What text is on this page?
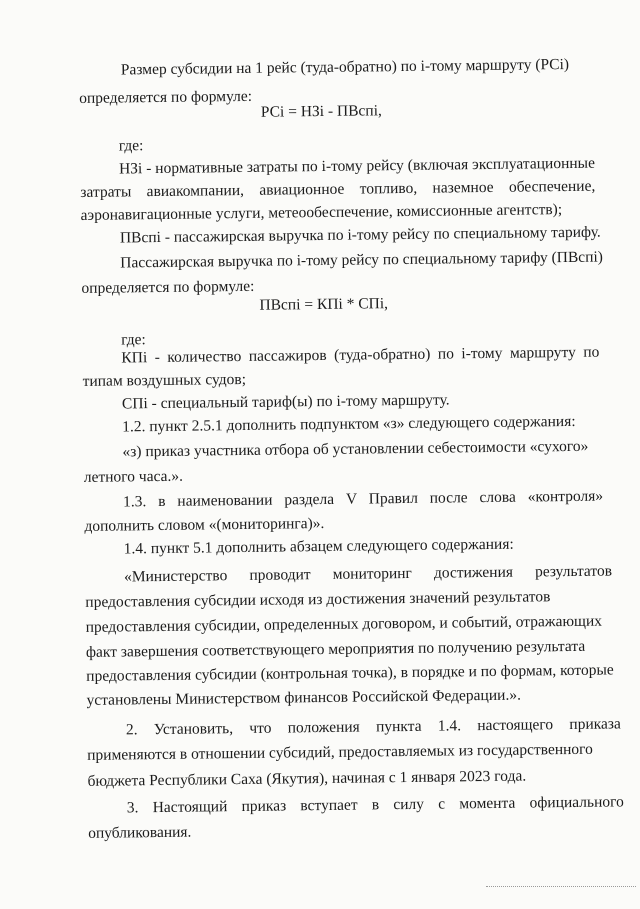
Размер субсидии на 1 рейс (туда-обратно) по і-тому маршруту (РСі)

определяется по формуле:

РСі = НЗі - ПВспі,

где:

НЗі - нормативные затраты по і-тому рейсу (включая эксплуатационные

затраты авиакомпании, авиационное топливо, наземное обеспечение,

аэронавигационные услуги, метеообеспечение, комиссионные агентств);

ПВспі - пассажирская выручка по і-тому рейсу по специальному тарифу.

Пассажирская выручка по і-тому рейсу по специальному тарифу (ПВспі)

определяется по формуле:

ПВспі = КПі * СПі,

где:

КПі - количество пассажиров (туда-обратно) по і-тому маршруту по

типам воздушных судов;

СПі - специальный тариф(ы) по і-тому маршруту.

1.2. пункт 2.5.1 дополнить подпунктом «з» следующего содержания:

«з) приказ участника отбора об установлении себестоимости «сухого»

летного часа.».

1.3. в наименовании раздела V Правил после слова «контроля»

дополнить словом «(мониторинга)».

1.4. пункт 5.1 дополнить абзацем следующего содержания:

«Министерство проводит мониторинг достижения результатов

предоставления субсидии исходя из достижения значений результатов

предоставления субсидии, определенных договором, и событий, отражающих

факт завершения соответствующего мероприятия по получению результата

предоставления субсидии (контрольная точка), в порядке и по формам, которые

установлены Министерством финансов Российской Федерации.».

2. Установить, что положения пункта 1.4. настоящего приказа

применяются в отношении субсидий, предоставляемых из государственного

бюджета Республики Саха (Якутия), начиная с 1 января 2023 года.

3. Настоящий приказ вступает в силу с момента официального

опубликования.
